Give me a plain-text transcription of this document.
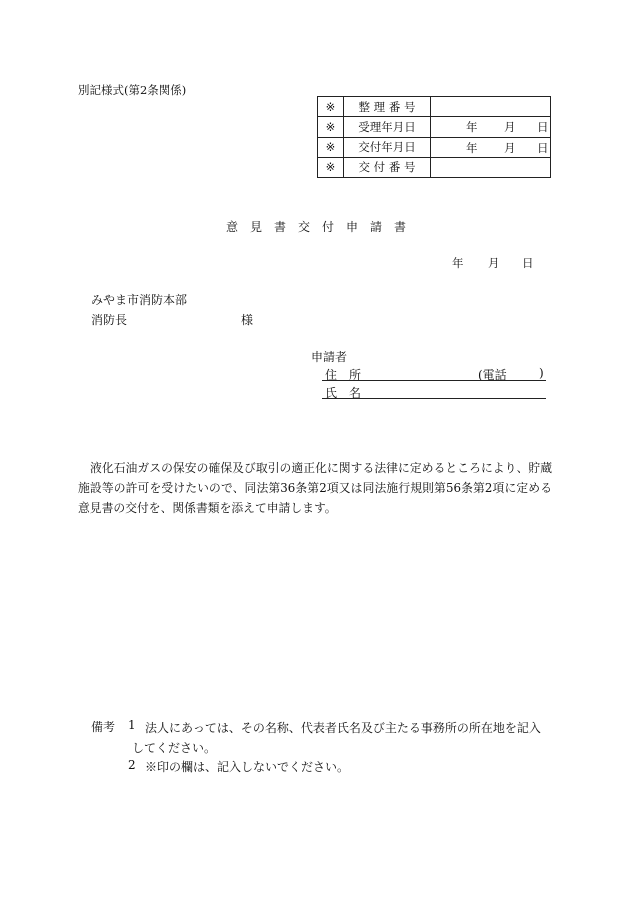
別記様式(第2条関係)
※	整 理 番 号	
※	受理年月日	年 月 日

※	交付年月日	年 月 日

※	交 付 番 号	
意　見　書　交　付　申　請　書
年 月 日
みやま市消防本部
消防長	様
申請者
住　所	(電話	)
氏　名
液化石油ガスの保安の確保及び取引の適正化に関する法律に定めるところにより、貯蔵施設等の許可を受けたいので、同法第36条第2項又は同法施行規則第56条第2項に定める意見書の交付を、関係書類を添えて申請します。
備考 1 法人にあっては、その名称、代表者氏名及び主たる事務所の所在地を記入してください。
2 ※印の欄は、記入しないでください。
